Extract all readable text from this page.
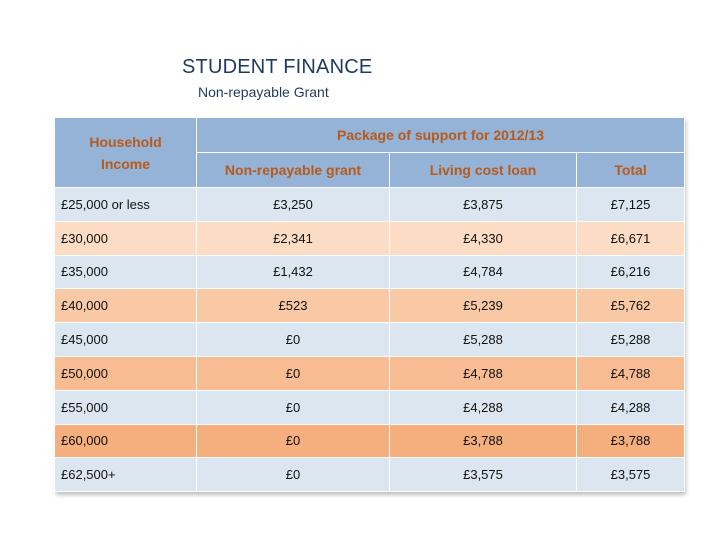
STUDENT FINANCE
Non-repayable Grant
Household
Income	Package of support for 2012/13		
	Non-repayable grant	Living cost loan	Total
£25,000 or less	£3,250	£3,875	£7,125
£30,000	£2,341	£4,330	£6,671
£35,000	£1,432	£4,784	£6,216
£40,000	£523	£5,239	£5,762
£45,000	£0	£5,288	£5,288
£50,000	£0	£4,788	£4,788
£55,000	£0	£4,288	£4,288
£60,000	£0	£3,788	£3,788
£62,500+	£0	£3,575	£3,575
